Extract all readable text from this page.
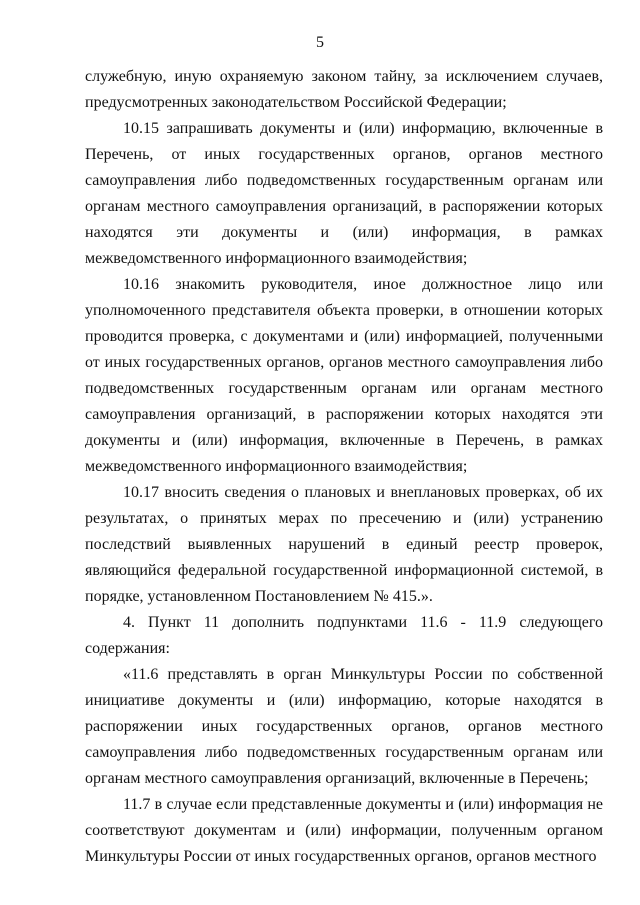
5

служебную, иную охраняемую законом тайну, за исключением случаев, предусмотренных законодательством Российской Федерации;

10.15 запрашивать документы и (или) информацию, включенные в Перечень, от иных государственных органов, органов местного самоуправления либо подведомственных государственным органам или органам местного самоуправления организаций, в распоряжении которых находятся эти документы и (или) информация, в рамках межведомственного информационного взаимодействия;

10.16 знакомить руководителя, иное должностное лицо или уполномоченного представителя объекта проверки, в отношении которых проводится проверка, с документами и (или) информацией, полученными от иных государственных органов, органов местного самоуправления либо подведомственных государственным органам или органам местного самоуправления организаций, в распоряжении которых находятся эти документы и (или) информация, включенные в Перечень, в рамках межведомственного информационного взаимодействия;

10.17 вносить сведения о плановых и внеплановых проверках, об их результатах, о принятых мерах по пресечению и (или) устранению последствий выявленных нарушений в единый реестр проверок, являющийся федеральной государственной информационной системой, в порядке, установленном Постановлением № 415.».

4. Пункт 11 дополнить подпунктами 11.6 - 11.9 следующего содержания:

«11.6 представлять в орган Минкультуры России по собственной инициативе документы и (или) информацию, которые находятся в распоряжении иных государственных органов, органов местного самоуправления либо подведомственных государственным органам или органам местного самоуправления организаций, включенные в Перечень;

11.7 в случае если представленные документы и (или) информация не соответствуют документам и (или) информации, полученным органом Минкультуры России от иных государственных органов, органов местного
